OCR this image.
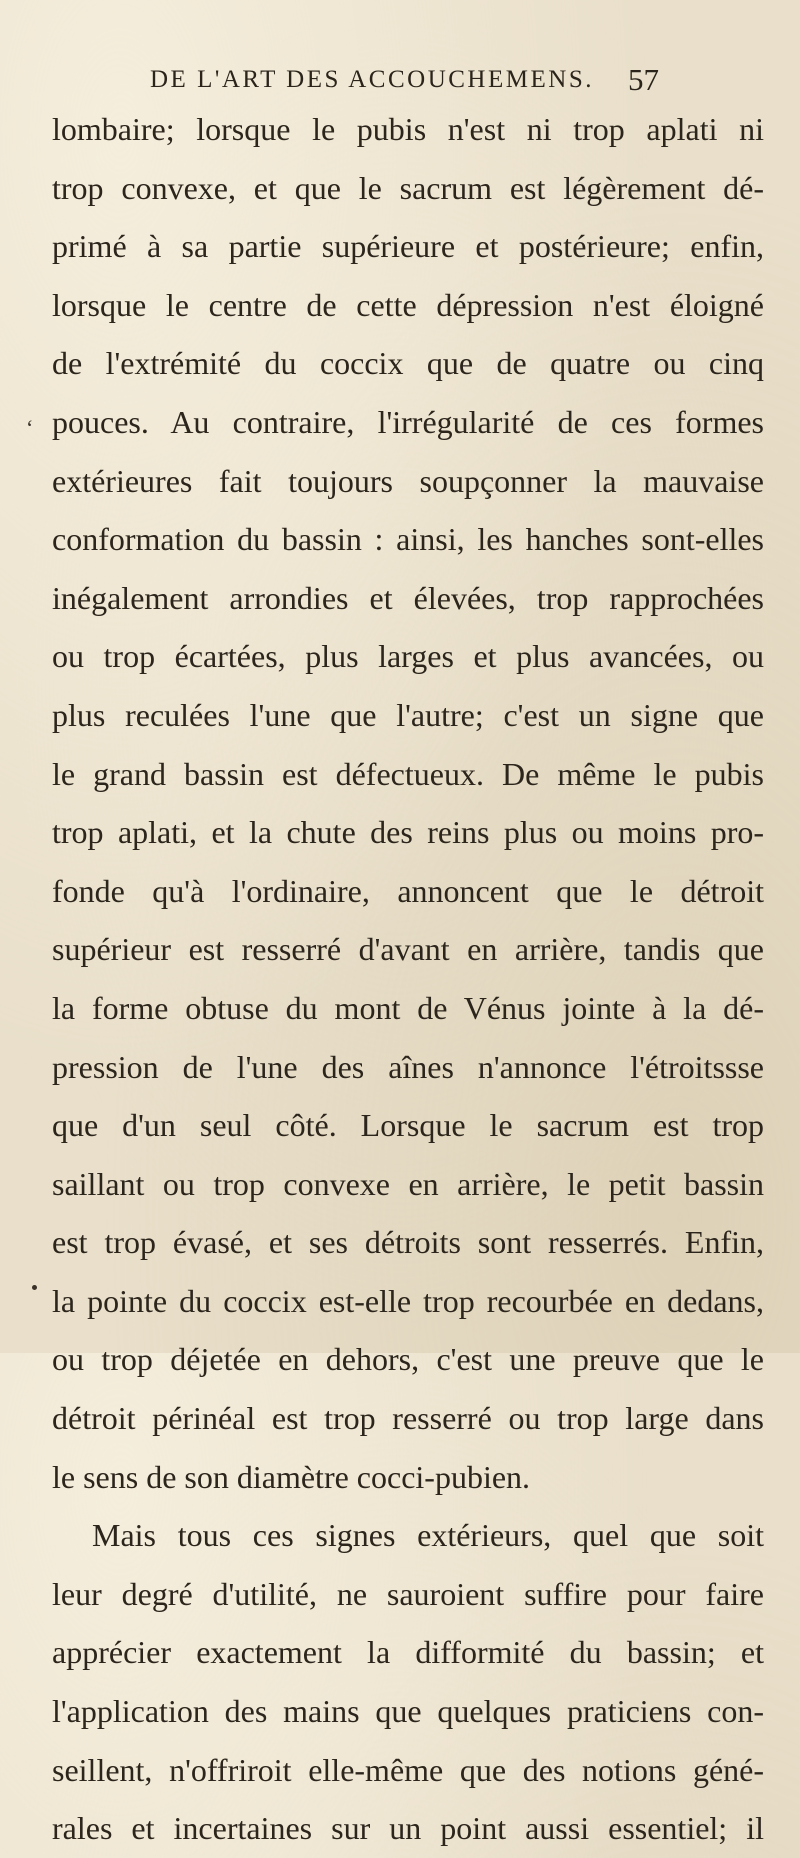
DE L'ART DES ACCOUCHEMENS. 57
‘
lombaire; lorsque le pubis n'est ni trop aplati ni
trop convexe, et que le sacrum est légèrement dé-
primé à sa partie supérieure et postérieure; enfin,
lorsque le centre de cette dépression n'est éloigné
de l'extrémité du coccix que de quatre ou cinq
pouces. Au contraire, l'irrégularité de ces formes
extérieures fait toujours soupçonner la mauvaise
conformation du bassin : ainsi, les hanches sont-elles
inégalement arrondies et élevées, trop rapprochées
ou trop écartées, plus larges et plus avancées, ou
plus reculées l'une que l'autre; c'est un signe que
le grand bassin est défectueux. De même le pubis
trop aplati, et la chute des reins plus ou moins pro-
fonde qu'à l'ordinaire, annoncent que le détroit
supérieur est resserré d'avant en arrière, tandis que
la forme obtuse du mont de Vénus jointe à la dé-
pression de l'une des aînes n'annonce l'étroitssse
que d'un seul côté. Lorsque le sacrum est trop
saillant ou trop convexe en arrière, le petit bassin
est trop évasé, et ses détroits sont resserrés. Enfin,
la pointe du coccix est-elle trop recourbée en dedans,
ou trop déjetée en dehors, c'est une preuve que le
détroit périnéal est trop resserré ou trop large dans
le sens de son diamètre cocci-pubien.
Mais tous ces signes extérieurs, quel que soit
leur degré d'utilité, ne sauroient suffire pour faire
apprécier exactement la difformité du bassin; et
l'application des mains que quelques praticiens con-
seillent, n'offriroit elle-même que des notions géné-
rales et incertaines sur un point aussi essentiel; il
